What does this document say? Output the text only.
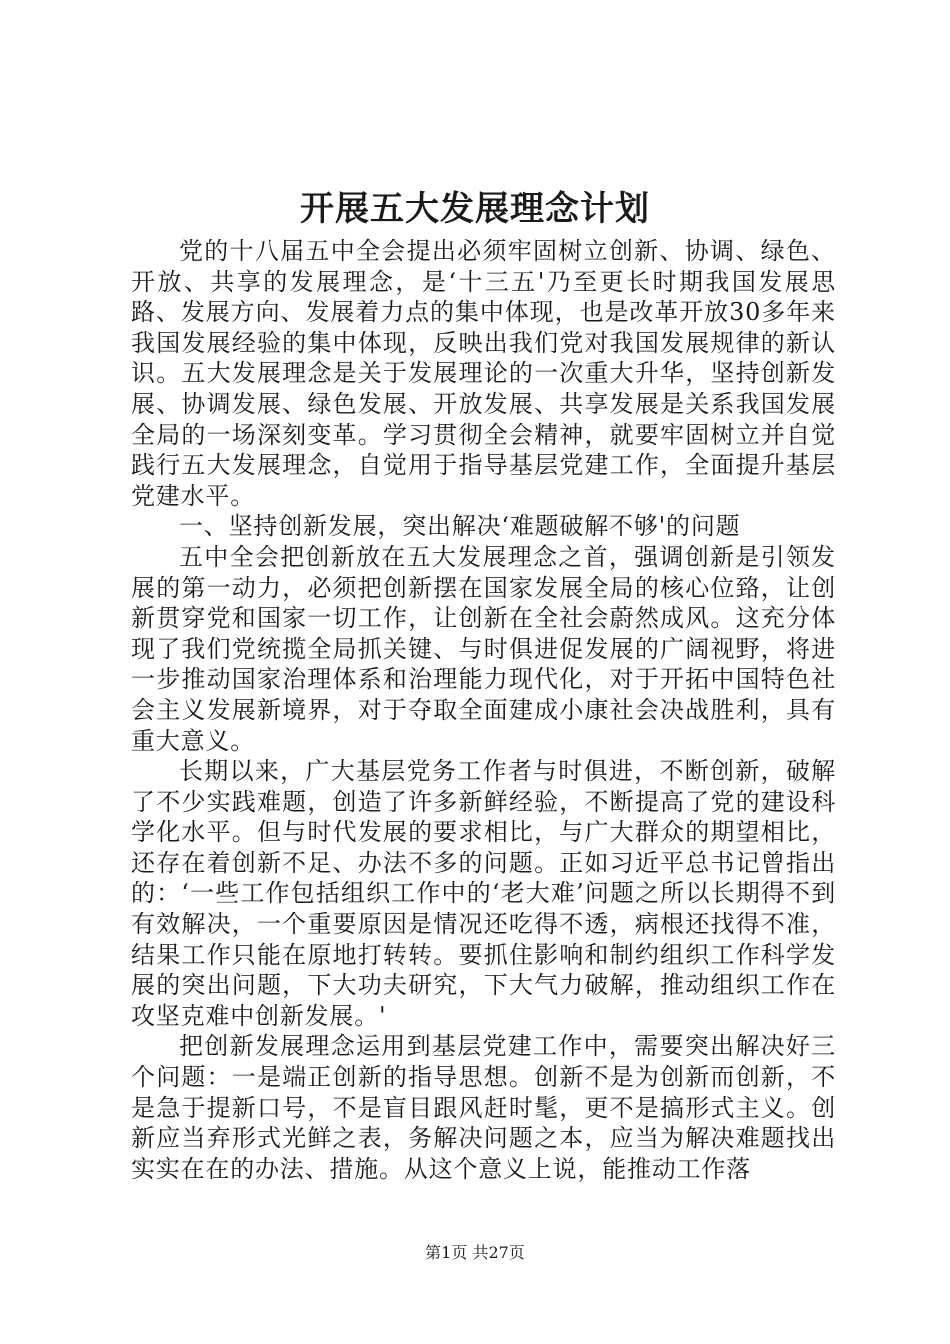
开展五大发展理念计划

党的十八届五中全会提出必须牢固树立创新、协调、绿色、开放、共享的发展理念，是‘十三五'乃至更长时期我国发展思路、发展方向、发展着力点的集中体现，也是改革开放30多年来我国发展经验的集中体现，反映出我们党对我国发展规律的新认识。五大发展理念是关于发展理论的一次重大升华，坚持创新发展、协调发展、绿色发展、开放发展、共享发展是关系我国发展全局的一场深刻变革。学习贯彻全会精神，就要牢固树立并自觉践行五大发展理念，自觉用于指导基层党建工作，全面提升基层党建水平。

一、坚持创新发展，突出解决‘难题破解不够'的问题

五中全会把创新放在五大发展理念之首，强调创新是引领发展的第一动力，必须把创新摆在国家发展全局的核心位臵，让创新贯穿党和国家一切工作，让创新在全社会蔚然成风。这充分体现了我们党统揽全局抓关键、与时俱进促发展的广阔视野，将进一步推动国家治理体系和治理能力现代化，对于开拓中国特色社会主义发展新境界，对于夺取全面建成小康社会决战胜利，具有重大意义。

长期以来，广大基层党务工作者与时俱进，不断创新，破解了不少实践难题，创造了许多新鲜经验，不断提高了党的建设科学化水平。但与时代发展的要求相比，与广大群众的期望相比，还存在着创新不足、办法不多的问题。正如习近平总书记曾指出的：‘一些工作包括组织工作中的‘老大难’问题之所以长期得不到有效解决，一个重要原因是情况还吃得不透，病根还找得不准，结果工作只能在原地打转转。要抓住影响和制约组织工作科学发展的突出问题，下大功夫研究，下大气力破解，推动组织工作在攻坚克难中创新发展。'

把创新发展理念运用到基层党建工作中，需要突出解决好三个问题：一是端正创新的指导思想。创新不是为创新而创新，不是急于提新口号，不是盲目跟风赶时髦，更不是搞形式主义。创新应当弃形式光鲜之表，务解决问题之本，应当为解决难题找出实实在在的办法、措施。从这个意义上说，能推动工作落

第1页 共27页
